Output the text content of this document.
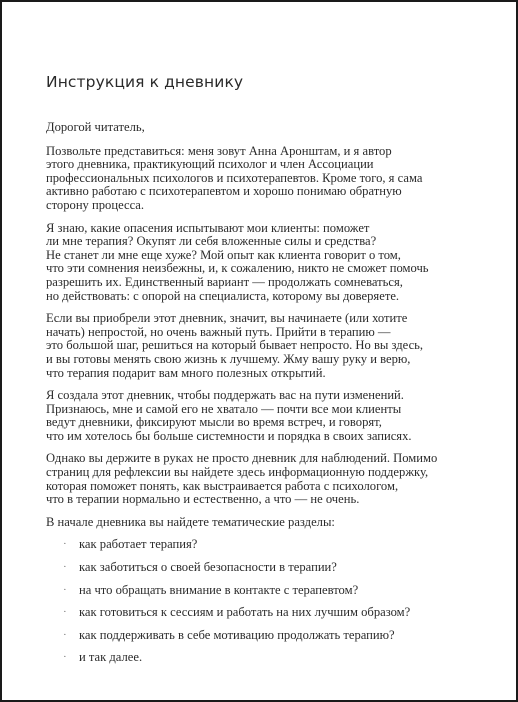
Инструкция к дневнику

Дорогой читатель,

Позвольте представиться: меня зовут Анна Аронштам, и я автор
этого дневника, практикующий психолог и член Ассоциации
профессиональных психологов и психотерапевтов. Кроме того, я сама
активно работаю с психотерапевтом и хорошо понимаю обратную
сторону процесса.

Я знаю, какие опасения испытывают мои клиенты: поможет
ли мне терапия? Окупят ли себя вложенные силы и средства?
Не станет ли мне еще хуже? Мой опыт как клиента говорит о том,
что эти сомнения неизбежны, и, к сожалению, никто не сможет помочь
разрешить их. Единственный вариант — продолжать сомневаться,
но действовать: с опорой на специалиста, которому вы доверяете.

Если вы приобрели этот дневник, значит, вы начинаете (или хотите
начать) непростой, но очень важный путь. Прийти в терапию —
это большой шаг, решиться на который бывает непросто. Но вы здесь,
и вы готовы менять свою жизнь к лучшему. Жму вашу руку и верю,
что терапия подарит вам много полезных открытий.

Я создала этот дневник, чтобы поддержать вас на пути изменений.
Признаюсь, мне и самой его не хватало — почти все мои клиенты
ведут дневники, фиксируют мысли во время встреч, и говорят,
что им хотелось бы больше системности и порядка в своих записях.

Однако вы держите в руках не просто дневник для наблюдений. Помимо
страниц для рефлексии вы найдете здесь информационную поддержку,
которая поможет понять, как выстраивается работа с психологом,
что в терапии нормально и естественно, а что — не очень.

В начале дневника вы найдете тематические разделы:

· как работает терапия?
· как заботиться о своей безопасности в терапии?
· на что обращать внимание в контакте с терапевтом?
· как готовиться к сессиям и работать на них лучшим образом?
· как поддерживать в себе мотивацию продолжать терапию?
· и так далее.
